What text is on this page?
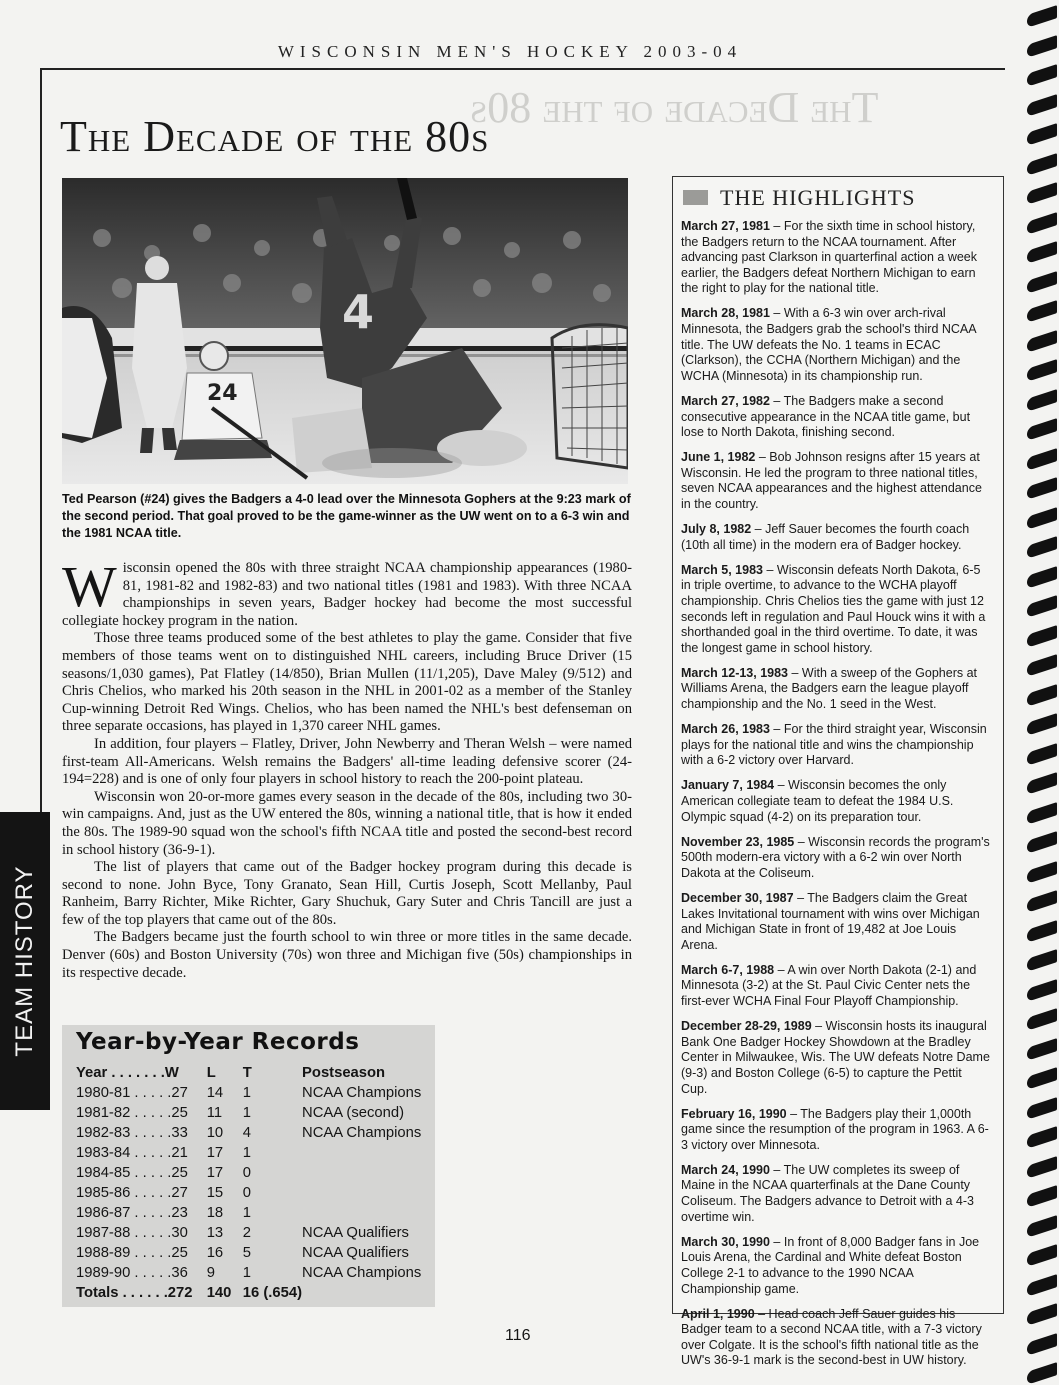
WISCONSIN MEN'S HOCKEY 2003-04
The Decade of the 80s
The Decade of the 80s
24
4
Ted Pearson (#24) gives the Badgers a 4-0 lead over the Minnesota Gophers at the 9:23 mark of the second period. That goal proved to be the game-winner as the UW went on to a 6-3 win and the 1981 NCAA title.

Wisconsin opened the 80s with three straight NCAA championship appearances (1980-81, 1981-82 and 1982-83) and two national titles (1981 and 1983). With three NCAA championships in seven years, Badger hockey had become the most successful collegiate hockey program in the nation.

Those three teams produced some of the best athletes to play the game. Consider that five members of those teams went on to distinguished NHL careers, including Bruce Driver (15 seasons/1,030 games), Pat Flatley (14/850), Brian Mullen (11/1,205), Dave Maley (9/512) and Chris Chelios, who marked his 20th season in the NHL in 2001-02 as a member of the Stanley Cup-winning Detroit Red Wings. Chelios, who has been named the NHL's best defenseman on three separate occasions, has played in 1,370 career NHL games.

In addition, four players – Flatley, Driver, John Newberry and Theran Welsh – were named first-team All-Americans. Welsh remains the Badgers' all-time leading defensive scorer (24-194=228) and is one of only four players in school history to reach the 200-point plateau.

Wisconsin won 20-or-more games every season in the decade of the 80s, including two 30-win campaigns. And, just as the UW entered the 80s, winning a national title, that is how it ended the 80s. The 1989-90 squad won the school's fifth NCAA title and posted the second-best record in school history (36-9-1).

The list of players that came out of the Badger hockey program during this decade is second to none. John Byce, Tony Granato, Sean Hill, Curtis Joseph, Scott Mellanby, Paul Ranheim, Barry Richter, Mike Richter, Gary Shuchuk, Gary Suter and Chris Tancill are just a few of the top players that came out of the 80s.

The Badgers became just the fourth school to win three or more titles in the same decade. Denver (60s) and Boston University (70s) won three and Michigan five (50s) championships in its respective decade.

TEAM HISTORY Year-by-Year Records
Year . . . . . . .W	L	T	Postseason
1980-81 . . . . .27	14	1	NCAA Champions
1981-82 . . . . .25	11	1	NCAA (second)
1982-83 . . . . .33	10	4	NCAA Champions
1983-84 . . . . .21	17	1	
1984-85 . . . . .25	17	0	
1985-86 . . . . .27	15	0	
1986-87 . . . . .23	18	1	
1987-88 . . . . .30	13	2	NCAA Qualifiers
1988-89 . . . . .25	16	5	NCAA Qualifiers
1989-90 . . . . .36	9	1	NCAA Champions
Totals . . . . . .272	140	16 (.654)	
THE HIGHLIGHTS
March 27, 1981 – For the sixth time in school history, the Badgers return to the NCAA tournament. After advancing past Clarkson in quarterfinal action a week earlier, the Badgers defeat Northern Michigan to earn the right to play for the national title.
March 28, 1981 – With a 6-3 win over arch-rival Minnesota, the Badgers grab the school's third NCAA title. The UW defeats the No. 1 teams in ECAC (Clarkson), the CCHA (Northern Michigan) and the WCHA (Minnesota) in its championship run.
March 27, 1982 – The Badgers make a second consecutive appearance in the NCAA title game, but lose to North Dakota, finishing second.
June 1, 1982 – Bob Johnson resigns after 15 years at Wisconsin. He led the program to three national titles, seven NCAA appearances and the highest attendance in the country.
July 8, 1982 – Jeff Sauer becomes the fourth coach (10th all time) in the modern era of Badger hockey.
March 5, 1983 – Wisconsin defeats North Dakota, 6-5 in triple overtime, to advance to the WCHA playoff championship. Chris Chelios ties the game with just 12 seconds left in regulation and Paul Houck wins it with a shorthanded goal in the third overtime. To date, it was the longest game in school history.
March 12-13, 1983 – With a sweep of the Gophers at Williams Arena, the Badgers earn the league playoff championship and the No. 1 seed in the West.
March 26, 1983 – For the third straight year, Wisconsin plays for the national title and wins the championship with a 6-2 victory over Harvard.
January 7, 1984 – Wisconsin becomes the only American collegiate team to defeat the 1984 U.S. Olympic squad (4-2) on its preparation tour.
November 23, 1985 – Wisconsin records the program's 500th modern-era victory with a 6-2 win over North Dakota at the Coliseum.
December 30, 1987 – The Badgers claim the Great Lakes Invitational tournament with wins over Michigan and Michigan State in front of 19,482 at Joe Louis Arena.
March 6-7, 1988 – A win over North Dakota (2-1) and Minnesota (3-2) at the St. Paul Civic Center nets the first-ever WCHA Final Four Playoff Championship.
December 28-29, 1989 – Wisconsin hosts its inaugural Bank One Badger Hockey Showdown at the Bradley Center in Milwaukee, Wis. The UW defeats Notre Dame (9-3) and Boston College (6-5) to capture the Pettit Cup.
February 16, 1990 – The Badgers play their 1,000th game since the resumption of the program in 1963. A 6-3 victory over Minnesota.
March 24, 1990 – The UW completes its sweep of Maine in the NCAA quarterfinals at the Dane County Coliseum. The Badgers advance to Detroit with a 4-3 overtime win.
March 30, 1990 – In front of 8,000 Badger fans in Joe Louis Arena, the Cardinal and White defeat Boston College 2-1 to advance to the 1990 NCAA Championship game.
April 1, 1990 – Head coach Jeff Sauer guides his Badger team to a second NCAA title, with a 7-3 victory over Colgate. It is the school's fifth national title as the UW's 36-9-1 mark is the second-best in UW history.
116
